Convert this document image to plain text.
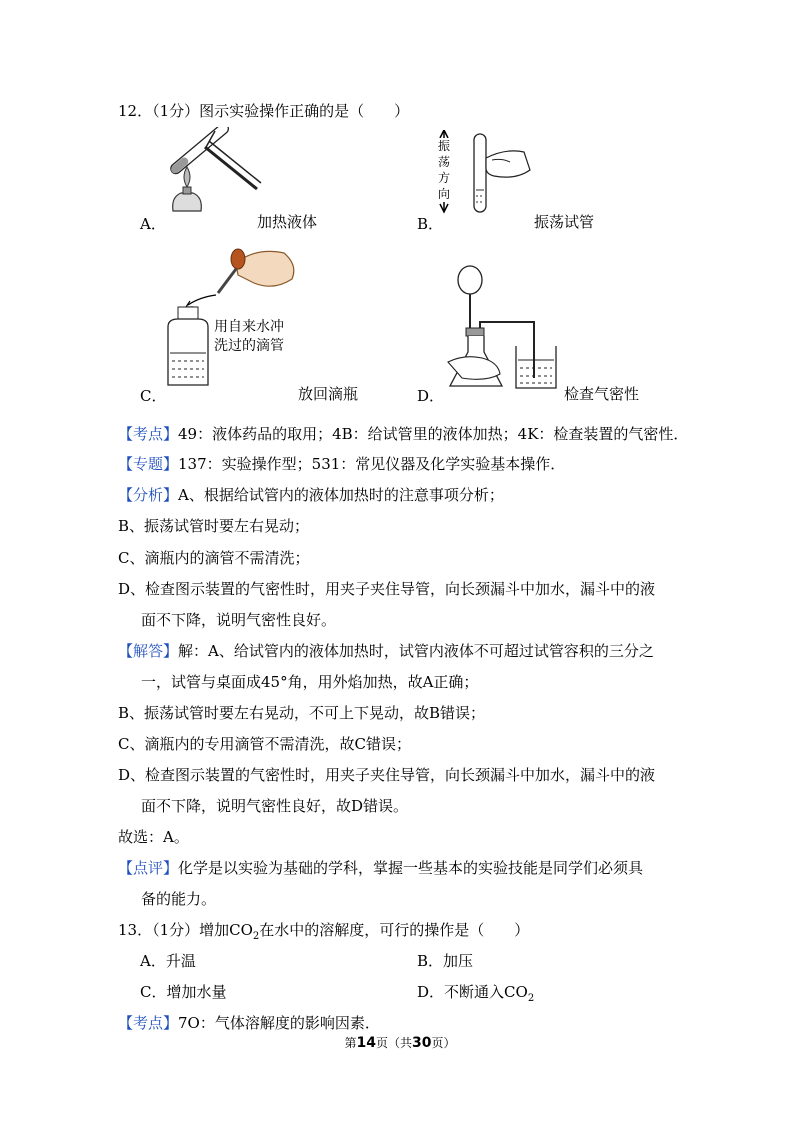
12．（1分）图示实验操作正确的是（　　）
A．	加热液体
振
荡
方
向
B．	振荡试管
用自来水冲
洗过的滴管
C．	放回滴瓶	D．	检查气密性
【考点】49：液体药品的取用；4B：给试管里的液体加热；4K：检查装置的气密性．
【专题】137：实验操作型；531：常见仪器及化学实验基本操作．
【分析】A、根据给试管内的液体加热时的注意事项分析；
B、振荡试管时要左右晃动；
C、滴瓶内的滴管不需清洗；
D、检查图示装置的气密性时，用夹子夹住导管，向长颈漏斗中加水，漏斗中的液
面不下降，说明气密性良好。
【解答】解：A、给试管内的液体加热时，试管内液体不可超过试管容积的三分之
一，试管与桌面成45°角，用外焰加热，故A正确；
B、振荡试管时要左右晃动，不可上下晃动，故B错误；
C、滴瓶内的专用滴管不需清洗，故C错误；
D、检查图示装置的气密性时，用夹子夹住导管，向长颈漏斗中加水，漏斗中的液
面不下降，说明气密性良好，故D错误。
故选：A。
【点评】化学是以实验为基础的学科，掌握一些基本的实验技能是同学们必须具
备的能力。
13．（1分）增加$CO_2$在水中的溶解度，可行的操作是（　　）
A．升温	B．加压
C．增加水量	D．不断通入$CO_2$
【考点】7O：气体溶解度的影响因素．
第14页（共30页）
